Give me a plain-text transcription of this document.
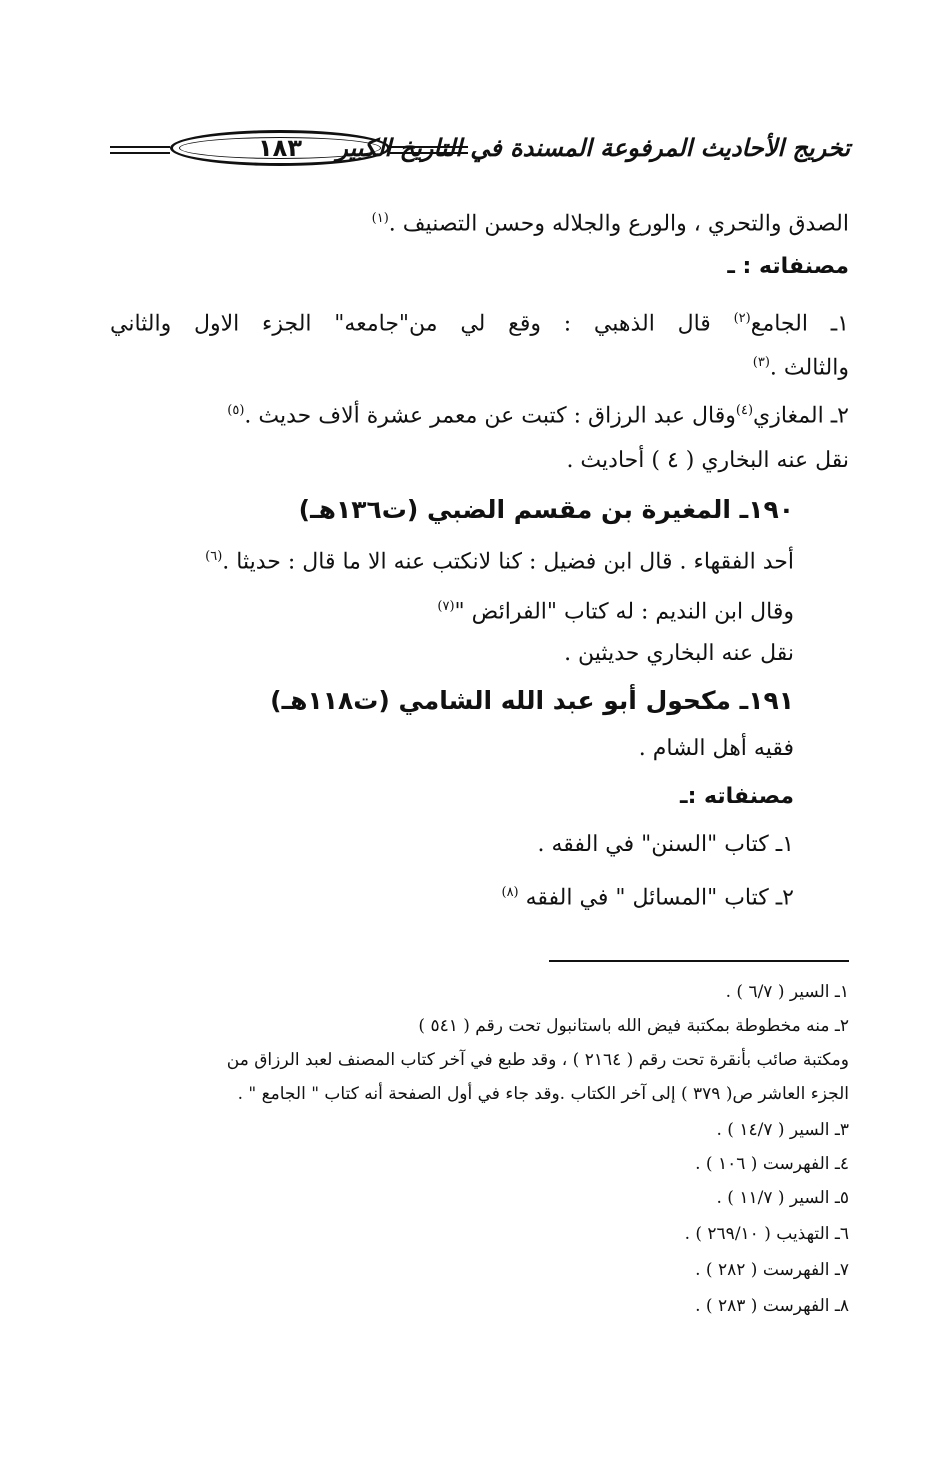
١٨٣ تخريج الأحاديث المرفوعة المسندة في التاريخ الكبير
الصدق والتحري ، والورع والجلاله وحسن التصنيف .$^{(١)}$
مصنفاته : ـ
١ـ الجامع$^{(٢)}$ قال الذهبي : وقع لي من"جامعه" الجزء الاول والثاني
والثالث .$^{(٣)}$
٢ـ المغازي$^{(٤)}$وقال عبد الرزاق : كتبت عن معمر عشرة ألاف حديث .$^{(٥)}$
نقل عنه البخاري ( ٤ ) أحاديث .
١٩٠ـ المغيرة بن مقسم الضبي (ت١٣٦هـ)
أحد الفقهاء . قال ابن فضيل : كنا لانكتب عنه الا ما قال : حديثا .$^{(٦)}$
وقال ابن النديم : له كتاب "الفرائض "$^{(٧)}$
نقل عنه البخاري حديثين .
١٩١ـ مكحول أبو عبد الله الشامي (ت١١٨هـ)
فقيه أهل الشام .
مصنفاته :ـ
١ـ كتاب "السنن" في الفقه .
٢ـ كتاب "المسائل " في الفقه $^{(٨)}$
١ـ السير ( ٦/٧ ) .
٢ـ منه مخطوطة بمكتبة فيض الله باستانبول تحت رقم ( ٥٤١ )
ومكتبة صائب بأنقرة تحت رقم ( ٢١٦٤ ) ، وقد طبع في آخر كتاب المصنف لعبد الرزاق من
الجزء العاشر ص( ٣٧٩ ) إلى آخر الكتاب .وقد جاء في أول الصفحة أنه كتاب " الجامع " .
٣ـ السير ( ١٤/٧ ) .
٤ـ الفهرست ( ١٠٦ ) .
٥ـ السير ( ١١/٧ ) .
٦ـ التهذيب ( ٢٦٩/١٠ ) .
٧ـ الفهرست ( ٢٨٢ ) .
٨ـ الفهرست ( ٢٨٣ ) .
